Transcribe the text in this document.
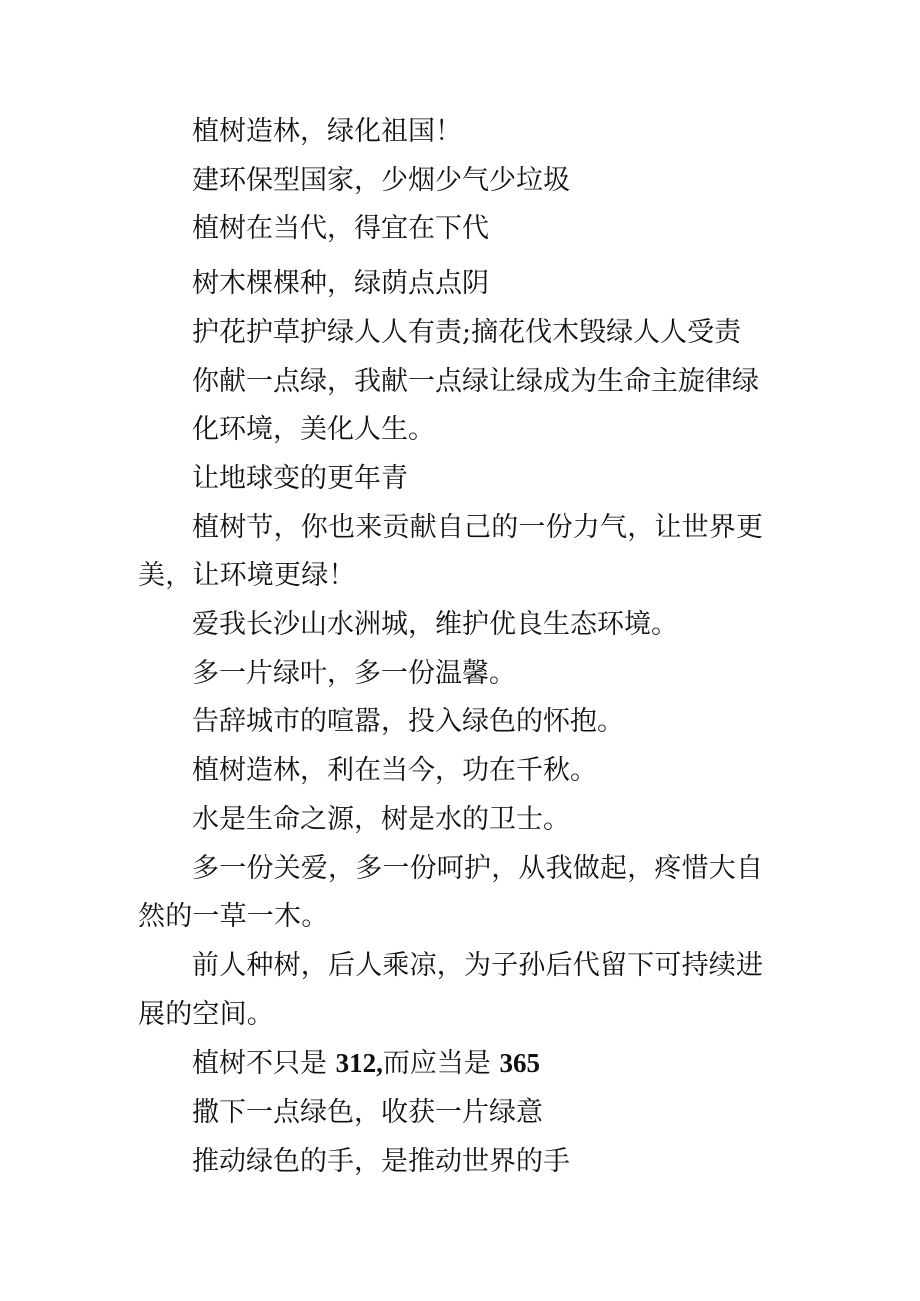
植树造林，绿化祖国！

建环保型国家，少烟少气少垃圾

植树在当代，得宜在下代

树木棵棵种，绿荫点点阴

护花护草护绿人人有责;摘花伐木毁绿人人受责

你献一点绿，我献一点绿让绿成为生命主旋律绿

化环境，美化人生。

让地球变的更年青

植树节，你也来贡献自己的一份力气，让世界更美，让环境更绿！

爱我长沙山水洲城，维护优良生态环境。

多一片绿叶，多一份温馨。

告辞城市的喧嚣，投入绿色的怀抱。

植树造林，利在当今，功在千秋。

水是生命之源，树是水的卫士。

多一份关爱，多一份呵护，从我做起，疼惜大自然的一草一木。

前人种树，后人乘凉，为子孙后代留下可持续进展的空间。

植树不只是 312,而应当是 365

撒下一点绿色，收获一片绿意

推动绿色的手，是推动世界的手
